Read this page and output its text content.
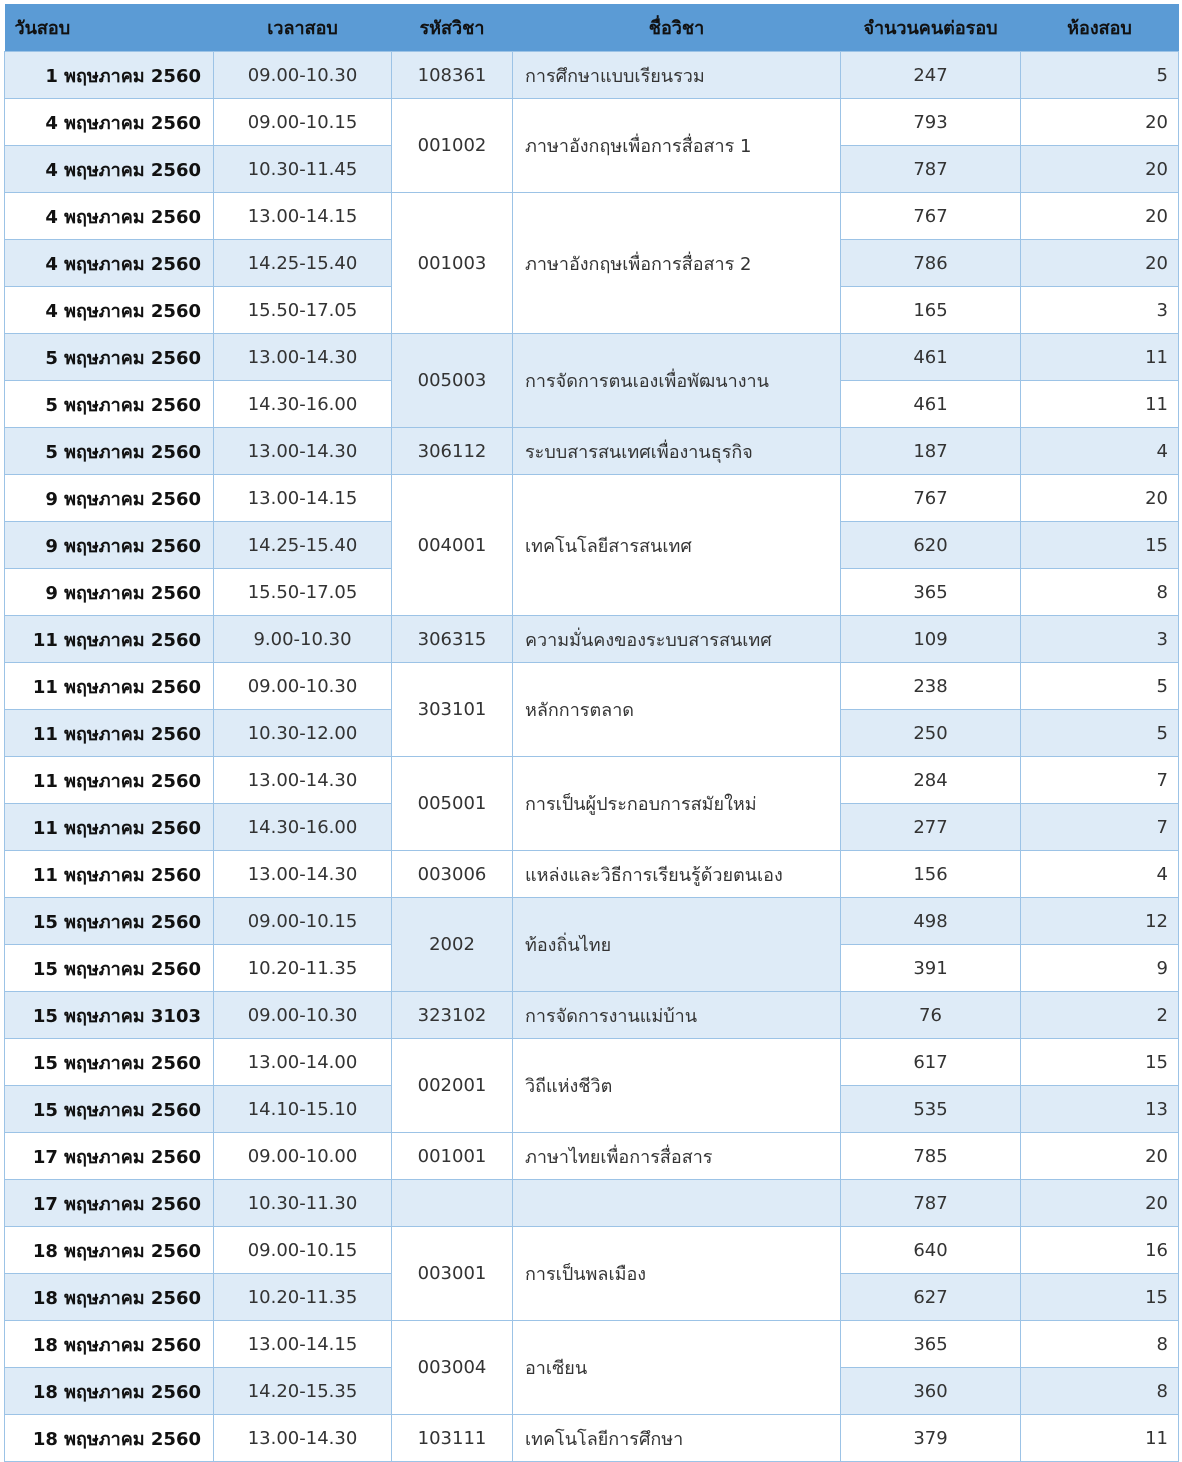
วันสอบ	เวลาสอบ	รหัสวิชา	ชื่อวิชา	จำนวนคนต่อรอบ	ห้องสอบ
1 พฤษภาคม 2560	09.00-10.30	108361	การศึกษาแบบเรียนรวม	247	5
4 พฤษภาคม 2560	09.00-10.15	001002	ภาษาอังกฤษเพื่อการสื่อสาร 1	793	20
4 พฤษภาคม 2560	10.30-11.45			787	20
4 พฤษภาคม 2560	13.00-14.15	001003	ภาษาอังกฤษเพื่อการสื่อสาร 2	767	20
4 พฤษภาคม 2560	14.25-15.40			786	20
4 พฤษภาคม 2560	15.50-17.05			165	3
5 พฤษภาคม 2560	13.00-14.30	005003	การจัดการตนเองเพื่อพัฒนางาน	461	11
5 พฤษภาคม 2560	14.30-16.00			461	11
5 พฤษภาคม 2560	13.00-14.30	306112	ระบบสารสนเทศเพื่องานธุรกิจ	187	4
9 พฤษภาคม 2560	13.00-14.15	004001	เทคโนโลยีสารสนเทศ	767	20
9 พฤษภาคม 2560	14.25-15.40			620	15
9 พฤษภาคม 2560	15.50-17.05			365	8
11 พฤษภาคม 2560	9.00-10.30	306315	ความมั่นคงของระบบสารสนเทศ	109	3
11 พฤษภาคม 2560	09.00-10.30	303101	หลักการตลาด	238	5
11 พฤษภาคม 2560	10.30-12.00			250	5
11 พฤษภาคม 2560	13.00-14.30	005001	การเป็นผู้ประกอบการสมัยใหม่	284	7
11 พฤษภาคม 2560	14.30-16.00			277	7
11 พฤษภาคม 2560	13.00-14.30	003006	แหล่งและวิธีการเรียนรู้ด้วยตนเอง	156	4
15 พฤษภาคม 2560	09.00-10.15	2002	ท้องถิ่นไทย	498	12
15 พฤษภาคม 2560	10.20-11.35			391	9
15 พฤษภาคม 3103	09.00-10.30	323102	การจัดการงานแม่บ้าน	76	2
15 พฤษภาคม 2560	13.00-14.00	002001	วิถีแห่งชีวิต	617	15
15 พฤษภาคม 2560	14.10-15.10			535	13
17 พฤษภาคม 2560	09.00-10.00	001001	ภาษาไทยเพื่อการสื่อสาร	785	20
17 พฤษภาคม 2560	10.30-11.30			787	20
18 พฤษภาคม 2560	09.00-10.15	003001	การเป็นพลเมือง	640	16
18 พฤษภาคม 2560	10.20-11.35			627	15
18 พฤษภาคม 2560	13.00-14.15	003004	อาเซียน	365	8
18 พฤษภาคม 2560	14.20-15.35			360	8
18 พฤษภาคม 2560	13.00-14.30	103111	เทคโนโลยีการศึกษา	379	11
